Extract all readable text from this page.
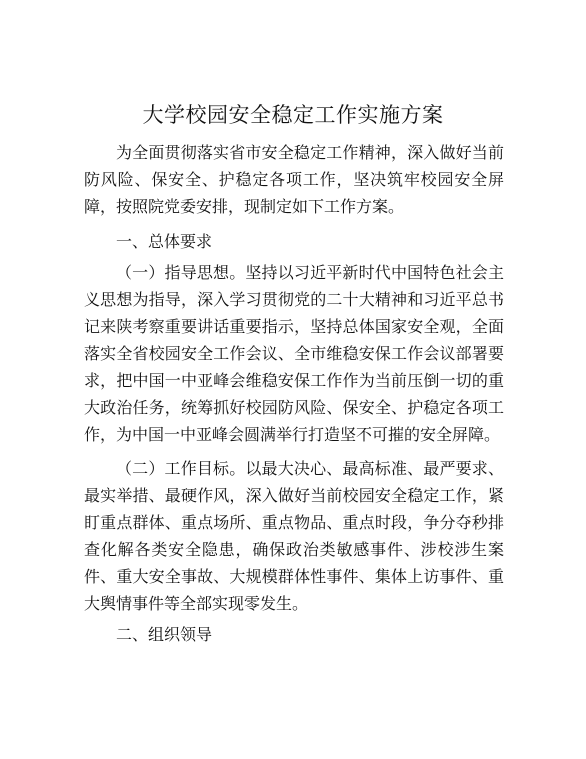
大学校园安全稳定工作实施方案

为全面贯彻落实省市安全稳定工作精神，深入做好当前防风险、保安全、护稳定各项工作，坚决筑牢校园安全屏障，按照院党委安排，现制定如下工作方案。

一、总体要求

（一）指导思想。坚持以习近平新时代中国特色社会主义思想为指导，深入学习贯彻党的二十大精神和习近平总书记来陕考察重要讲话重要指示，坚持总体国家安全观，全面落实全省校园安全工作会议、全市维稳安保工作会议部署要求，把中国一中亚峰会维稳安保工作作为当前压倒一切的重大政治任务，统筹抓好校园防风险、保安全、护稳定各项工作，为中国一中亚峰会圆满举行打造坚不可摧的安全屏障。

（二）工作目标。以最大决心、最高标准、最严要求、最实举措、最硬作风，深入做好当前校园安全稳定工作，紧盯重点群体、重点场所、重点物品、重点时段，争分夺秒排查化解各类安全隐患，确保政治类敏感事件、涉校涉生案件、重大安全事故、大规模群体性事件、集体上访事件、重大舆情事件等全部实现零发生。

二、组织领导
